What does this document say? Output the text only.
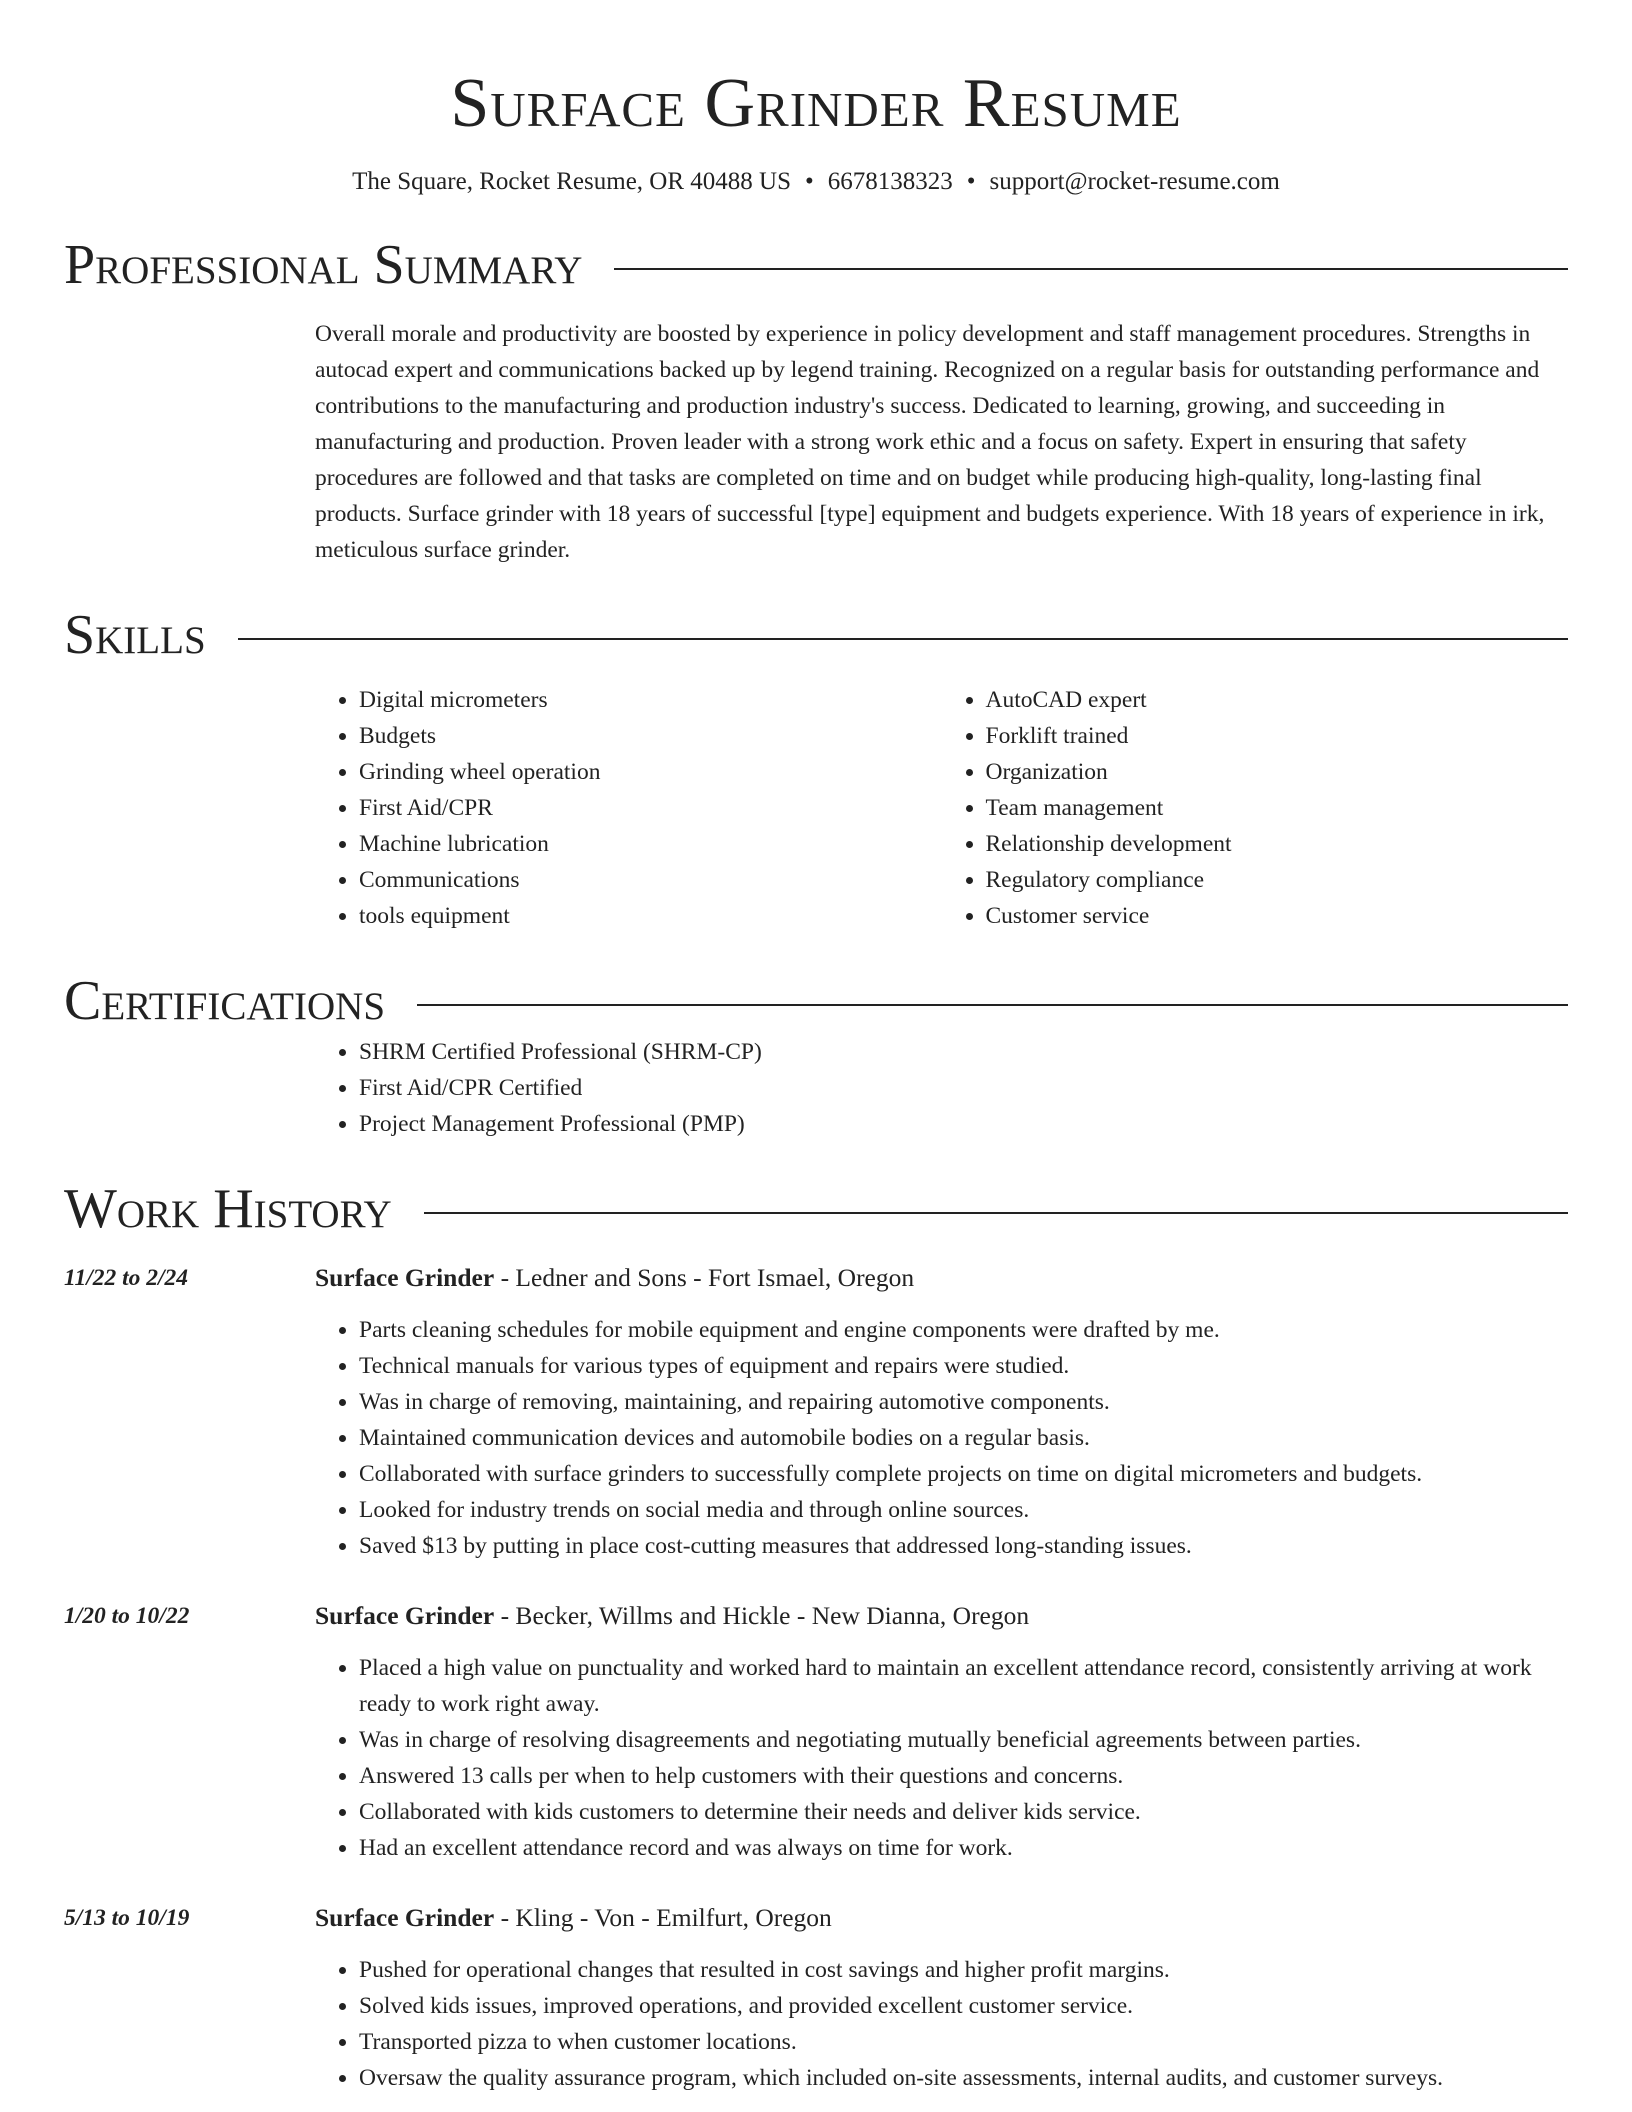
Surface Grinder Resume
The Square, Rocket Resume, OR 40488 US • 6678138323 • support@rocket-resume.com
Professional Summary

Overall morale and productivity are boosted by experience in policy development and staff management procedures. Strengths in autocad expert and communications backed up by legend training. Recognized on a regular basis for outstanding performance and contributions to the manufacturing and production industry's success. Dedicated to learning, growing, and succeeding in manufacturing and production. Proven leader with a strong work ethic and a focus on safety. Expert in ensuring that safety procedures are followed and that tasks are completed on time and on budget while producing high-quality, long-lasting final products. Surface grinder with 18 years of successful [type] equipment and budgets experience. With 18 years of experience in irk, meticulous surface grinder.

Skills
• Digital micrometers
• Budgets
• Grinding wheel operation
• First Aid/CPR
• Machine lubrication
• Communications
• tools equipment
• AutoCAD expert
• Forklift trained
• Organization
• Team management
• Relationship development
• Regulatory compliance
• Customer service
Certifications
• SHRM Certified Professional (SHRM-CP)
• First Aid/CPR Certified
• Project Management Professional (PMP)
Work History
11/22 to 2/24	Surface Grinder - Ledner and Sons - Fort Ismael, Oregon
• Parts cleaning schedules for mobile equipment and engine components were drafted by me.
• Technical manuals for various types of equipment and repairs were studied.
• Was in charge of removing, maintaining, and repairing automotive components.
• Maintained communication devices and automobile bodies on a regular basis.
• Collaborated with surface grinders to successfully complete projects on time on digital micrometers and budgets.
• Looked for industry trends on social media and through online sources.
• Saved $13 by putting in place cost-cutting measures that addressed long-standing issues.
1/20 to 10/22	Surface Grinder - Becker, Willms and Hickle - New Dianna, Oregon
• Placed a high value on punctuality and worked hard to maintain an excellent attendance record, consistently arriving at work ready to work right away.
• Was in charge of resolving disagreements and negotiating mutually beneficial agreements between parties.
• Answered 13 calls per when to help customers with their questions and concerns.
• Collaborated with kids customers to determine their needs and deliver kids service.
• Had an excellent attendance record and was always on time for work.
5/13 to 10/19	Surface Grinder - Kling - Von - Emilfurt, Oregon
• Pushed for operational changes that resulted in cost savings and higher profit margins.
• Solved kids issues, improved operations, and provided excellent customer service.
• Transported pizza to when customer locations.
• Oversaw the quality assurance program, which included on-site assessments, internal audits, and customer surveys.
